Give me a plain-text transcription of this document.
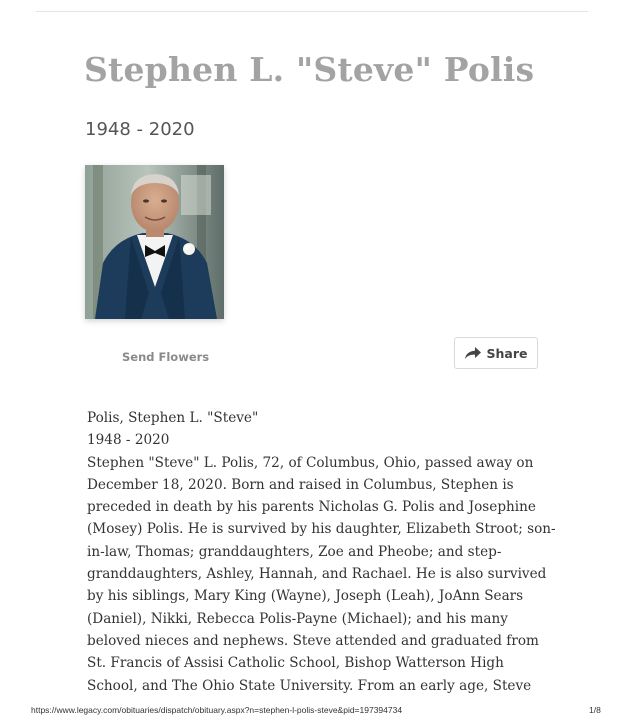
Stephen L. "Steve" Polis
1948 - 2020
Send Flowers	Share

Polis, Stephen L. "Steve"

1948 - 2020

Stephen "Steve" L. Polis, 72, of Columbus, Ohio, passed away on December 18, 2020. Born and raised in Columbus, Stephen is preceded in death by his parents Nicholas G. Polis and Josephine (Mosey) Polis. He is survived by his daughter, Elizabeth Stroot; son-in-law, Thomas; granddaughters, Zoe and Pheobe; and step-granddaughters, Ashley, Hannah, and Rachael. He is also survived by his siblings, Mary King (Wayne), Joseph (Leah), JoAnn Sears (Daniel), Nikki, Rebecca Polis-Payne (Michael); and his many beloved nieces and nephews. Steve attended and graduated from St. Francis of Assisi Catholic School, Bishop Watterson High School, and The Ohio State University. From an early age, Steve

https://www.legacy.com/obituaries/dispatch/obituary.aspx?n=stephen-l-polis-steve&pid=197394734	1/8
